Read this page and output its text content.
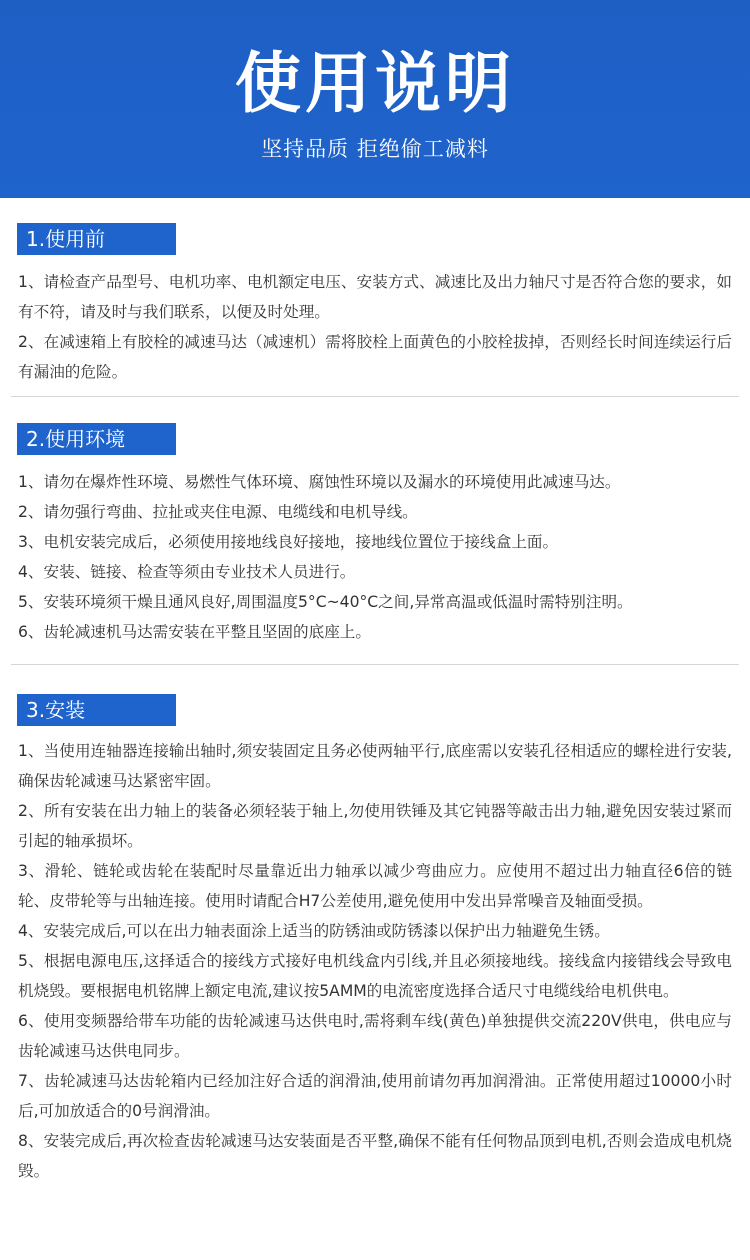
使用说明
坚持品质 拒绝偷工减料
1.使用前

1、请检查产品型号、电机功率、电机额定电压、安装方式、减速比及出力轴尺寸是否符合您的要求，如有不符，请及时与我们联系，以便及时处理。

2、在减速箱上有胶栓的减速马达（减速机）需将胶栓上面黄色的小胶栓拔掉，否则经长时间连续运行后有漏油的危险。

2.使用环境

1、请勿在爆炸性环境、易燃性气体环境、腐蚀性环境以及漏水的环境使用此减速马达。

2、请勿强行弯曲、拉扯或夹住电源、电缆线和电机导线。

3、电机安装完成后，必须使用接地线良好接地，接地线位置位于接线盒上面。

4、安装、链接、检查等须由专业技术人员进行。

5、安装环境须干燥且通风良好,周围温度5°C~40°C之间,异常高温或低温时需特别注明。

6、齿轮减速机马达需安装在平整且坚固的底座上。

3.安装

1、当使用连轴器连接输出轴时,须安装固定且务必使两轴平行,底座需以安装孔径相适应的螺栓进行安装,确保齿轮减速马达紧密牢固。

2、所有安装在出力轴上的装备必须轻装于轴上,勿使用铁锤及其它钝器等敲击出力轴,避免因安装过紧而引起的轴承损坏。

3、滑轮、链轮或齿轮在装配时尽量靠近出力轴承以减少弯曲应力。应使用不超过出力轴直径6倍的链轮、皮带轮等与出轴连接。使用时请配合H7公差使用,避免使用中发出异常噪音及轴面受损。

4、安装完成后,可以在出力轴表面涂上适当的防锈油或防锈漆以保护出力轴避免生锈。

5、根据电源电压,这择适合的接线方式接好电机线盒内引线,并且必须接地线。接线盒内接错线会导致电机烧毁。要根据电机铭牌上额定电流,建议按5AMM的电流密度选择合适尺寸电缆线给电机供电。

6、使用变频器给带车功能的齿轮减速马达供电时,需将剩车线(黄色)单独提供交流220V供电，供电应与齿轮减速马达供电同步。

7、齿轮减速马达齿轮箱内已经加注好合适的润滑油,使用前请勿再加润滑油。正常使用超过10000小时后,可加放适合的0号润滑油。

8、安装完成后,再次检查齿轮减速马达安装面是否平整,确保不能有任何物品顶到电机,否则会造成电机烧毁。
